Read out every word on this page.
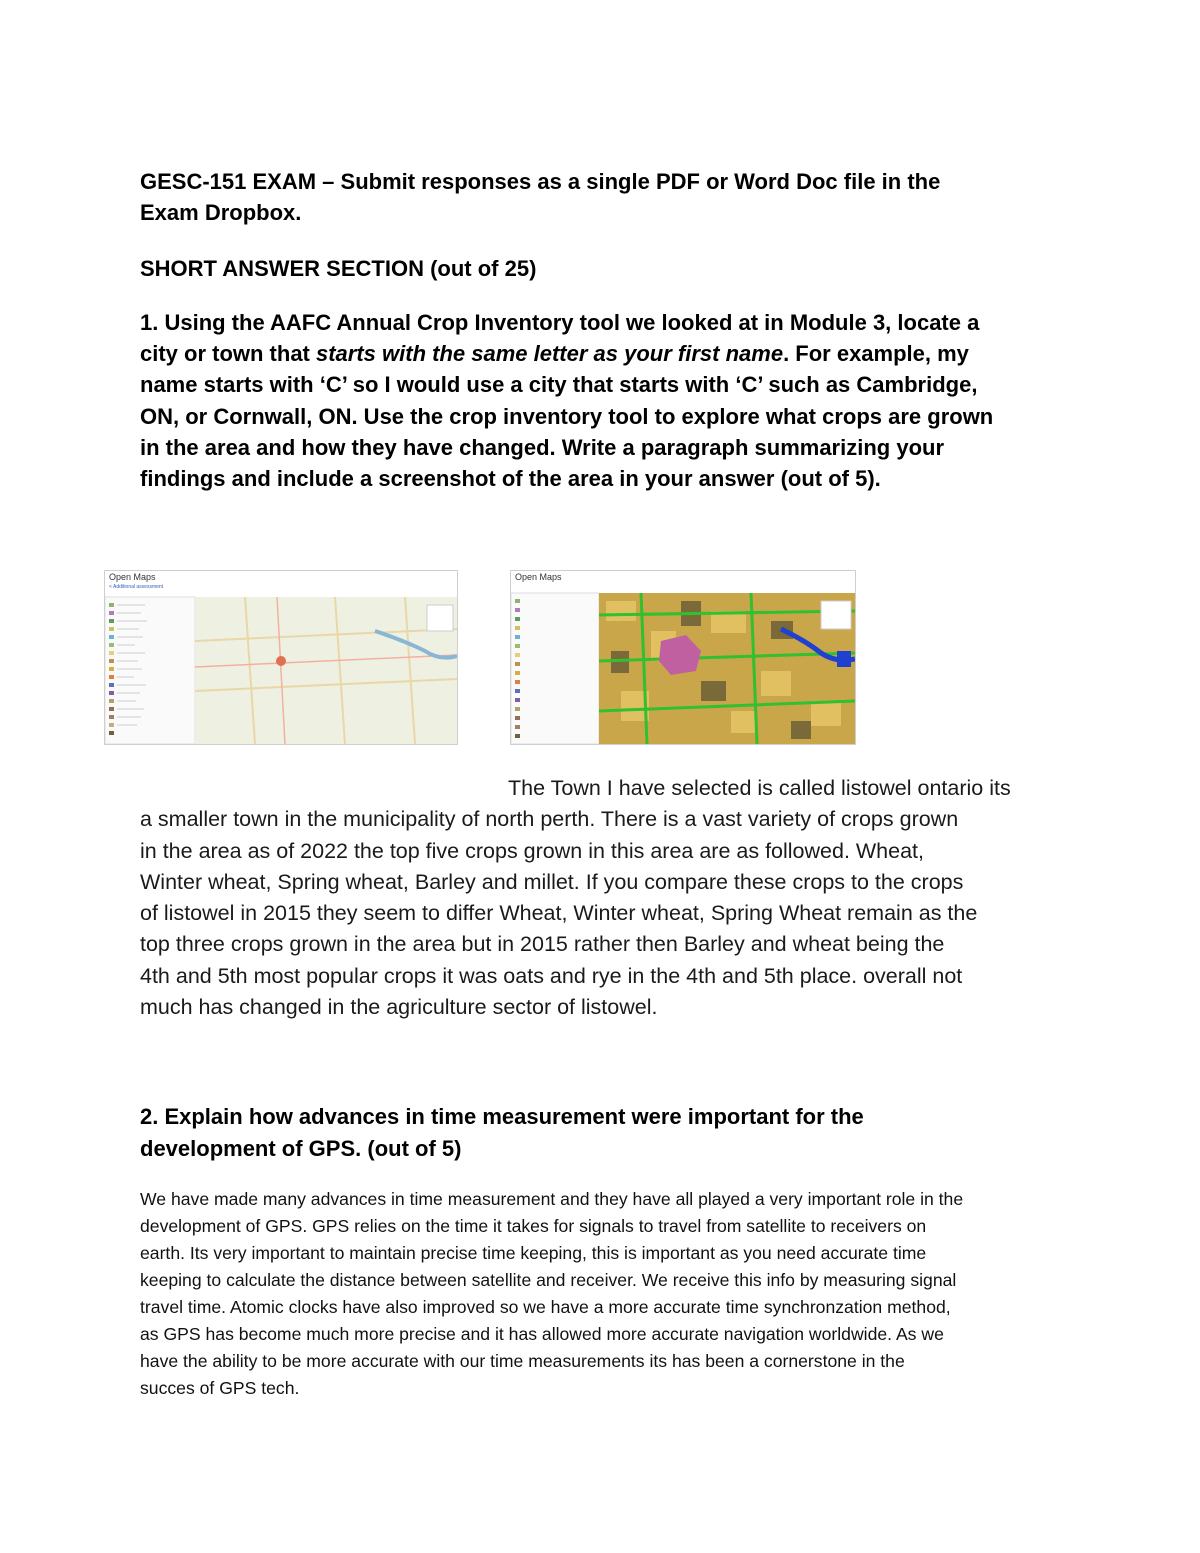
GESC-151 EXAM – Submit responses as a single PDF or Word Doc file in the
Exam Dropbox.
SHORT ANSWER SECTION (out of 25)
1. Using the AAFC Annual Crop Inventory tool we looked at in Module 3, locate a
city or town that starts with the same letter as your first name. For example, my
name starts with ‘C’ so I would use a city that starts with ‘C’ such as Cambridge,
ON, or Cornwall, ON. Use the crop inventory tool to explore what crops are grown
in the area and how they have changed. Write a paragraph summarizing your
findings and include a screenshot of the area in your answer (out of 5).
Open Maps
< Additional assessment
Open Maps
The Town I have selected is called listowel ontario its
a smaller town in the municipality of north perth. There is a vast variety of crops grown
in the area as of 2022 the top five crops grown in this area are as followed. Wheat,
Winter wheat, Spring wheat, Barley and millet. If you compare these crops to the crops
of listowel in 2015 they seem to differ Wheat, Winter wheat, Spring Wheat remain as the
top three crops grown in the area but in 2015 rather then Barley and wheat being the
4th and 5th most popular crops it was oats and rye in the 4th and 5th place. overall not
much has changed in the agriculture sector of listowel.
2. Explain how advances in time measurement were important for the
development of GPS. (out of 5)
We have made many advances in time measurement and they have all played a very important role in the
development of GPS. GPS relies on the time it takes for signals to travel from satellite to receivers on
earth. Its very important to maintain precise time keeping, this is important as you need accurate time
keeping to calculate the distance between satellite and receiver. We receive this info by measuring signal
travel time. Atomic clocks have also improved so we have a more accurate time synchronzation method,
as GPS has become much more precise and it has allowed more accurate navigation worldwide. As we
have the ability to be more accurate with our time measurements its has been a cornerstone in the
succes of GPS tech.
